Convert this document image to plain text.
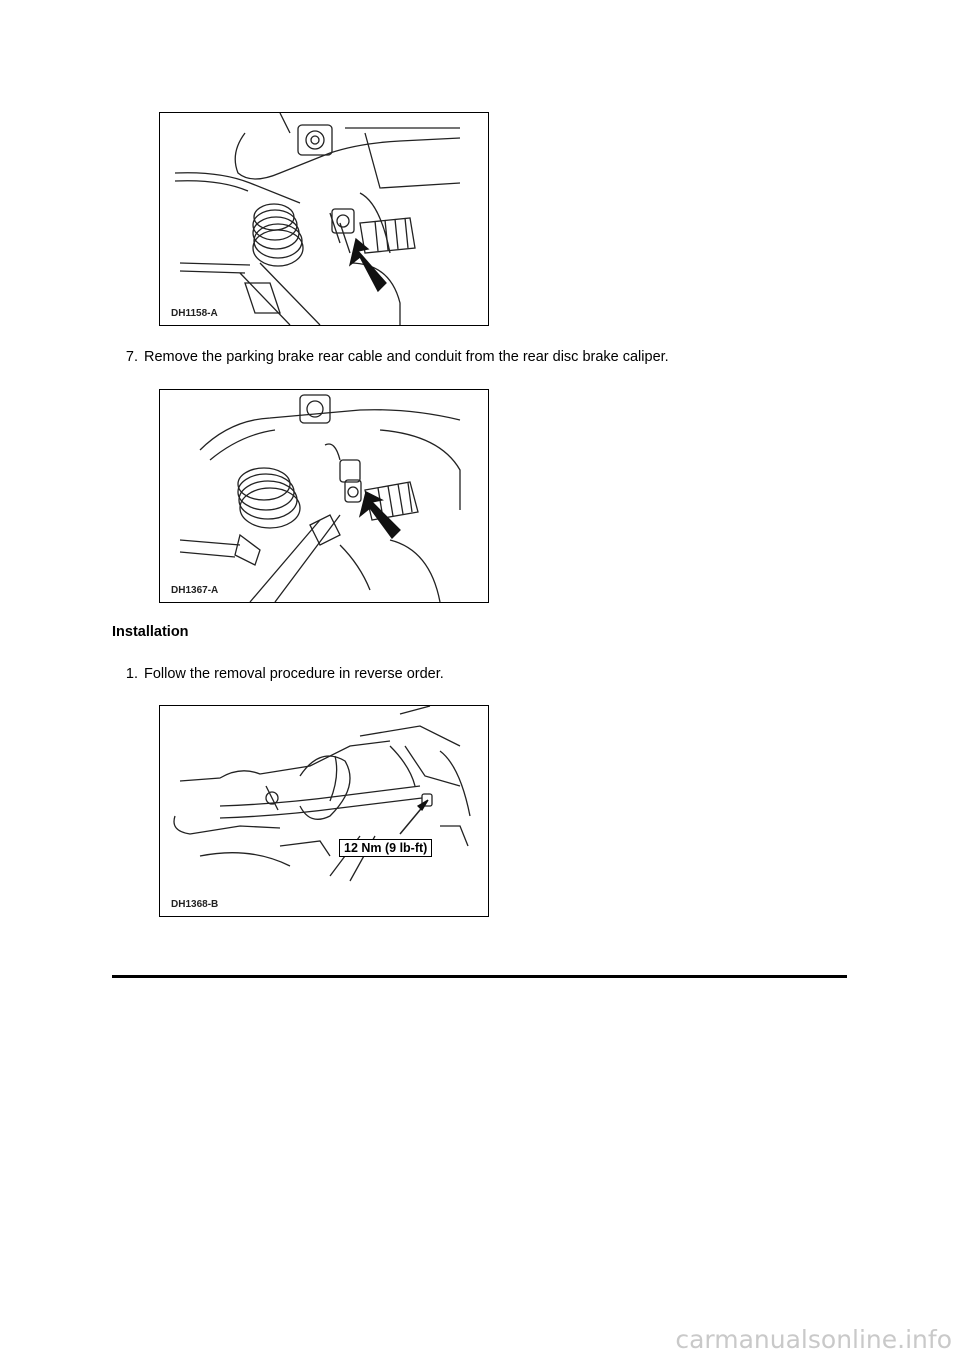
DH1158-A
7. Remove the parking brake rear cable and conduit from the rear disc brake caliper.
DH1367-A
Installation
1. Follow the removal procedure in reverse order.
12 Nm (9 lb-ft)
DH1368-B
carmanualsonline.info
